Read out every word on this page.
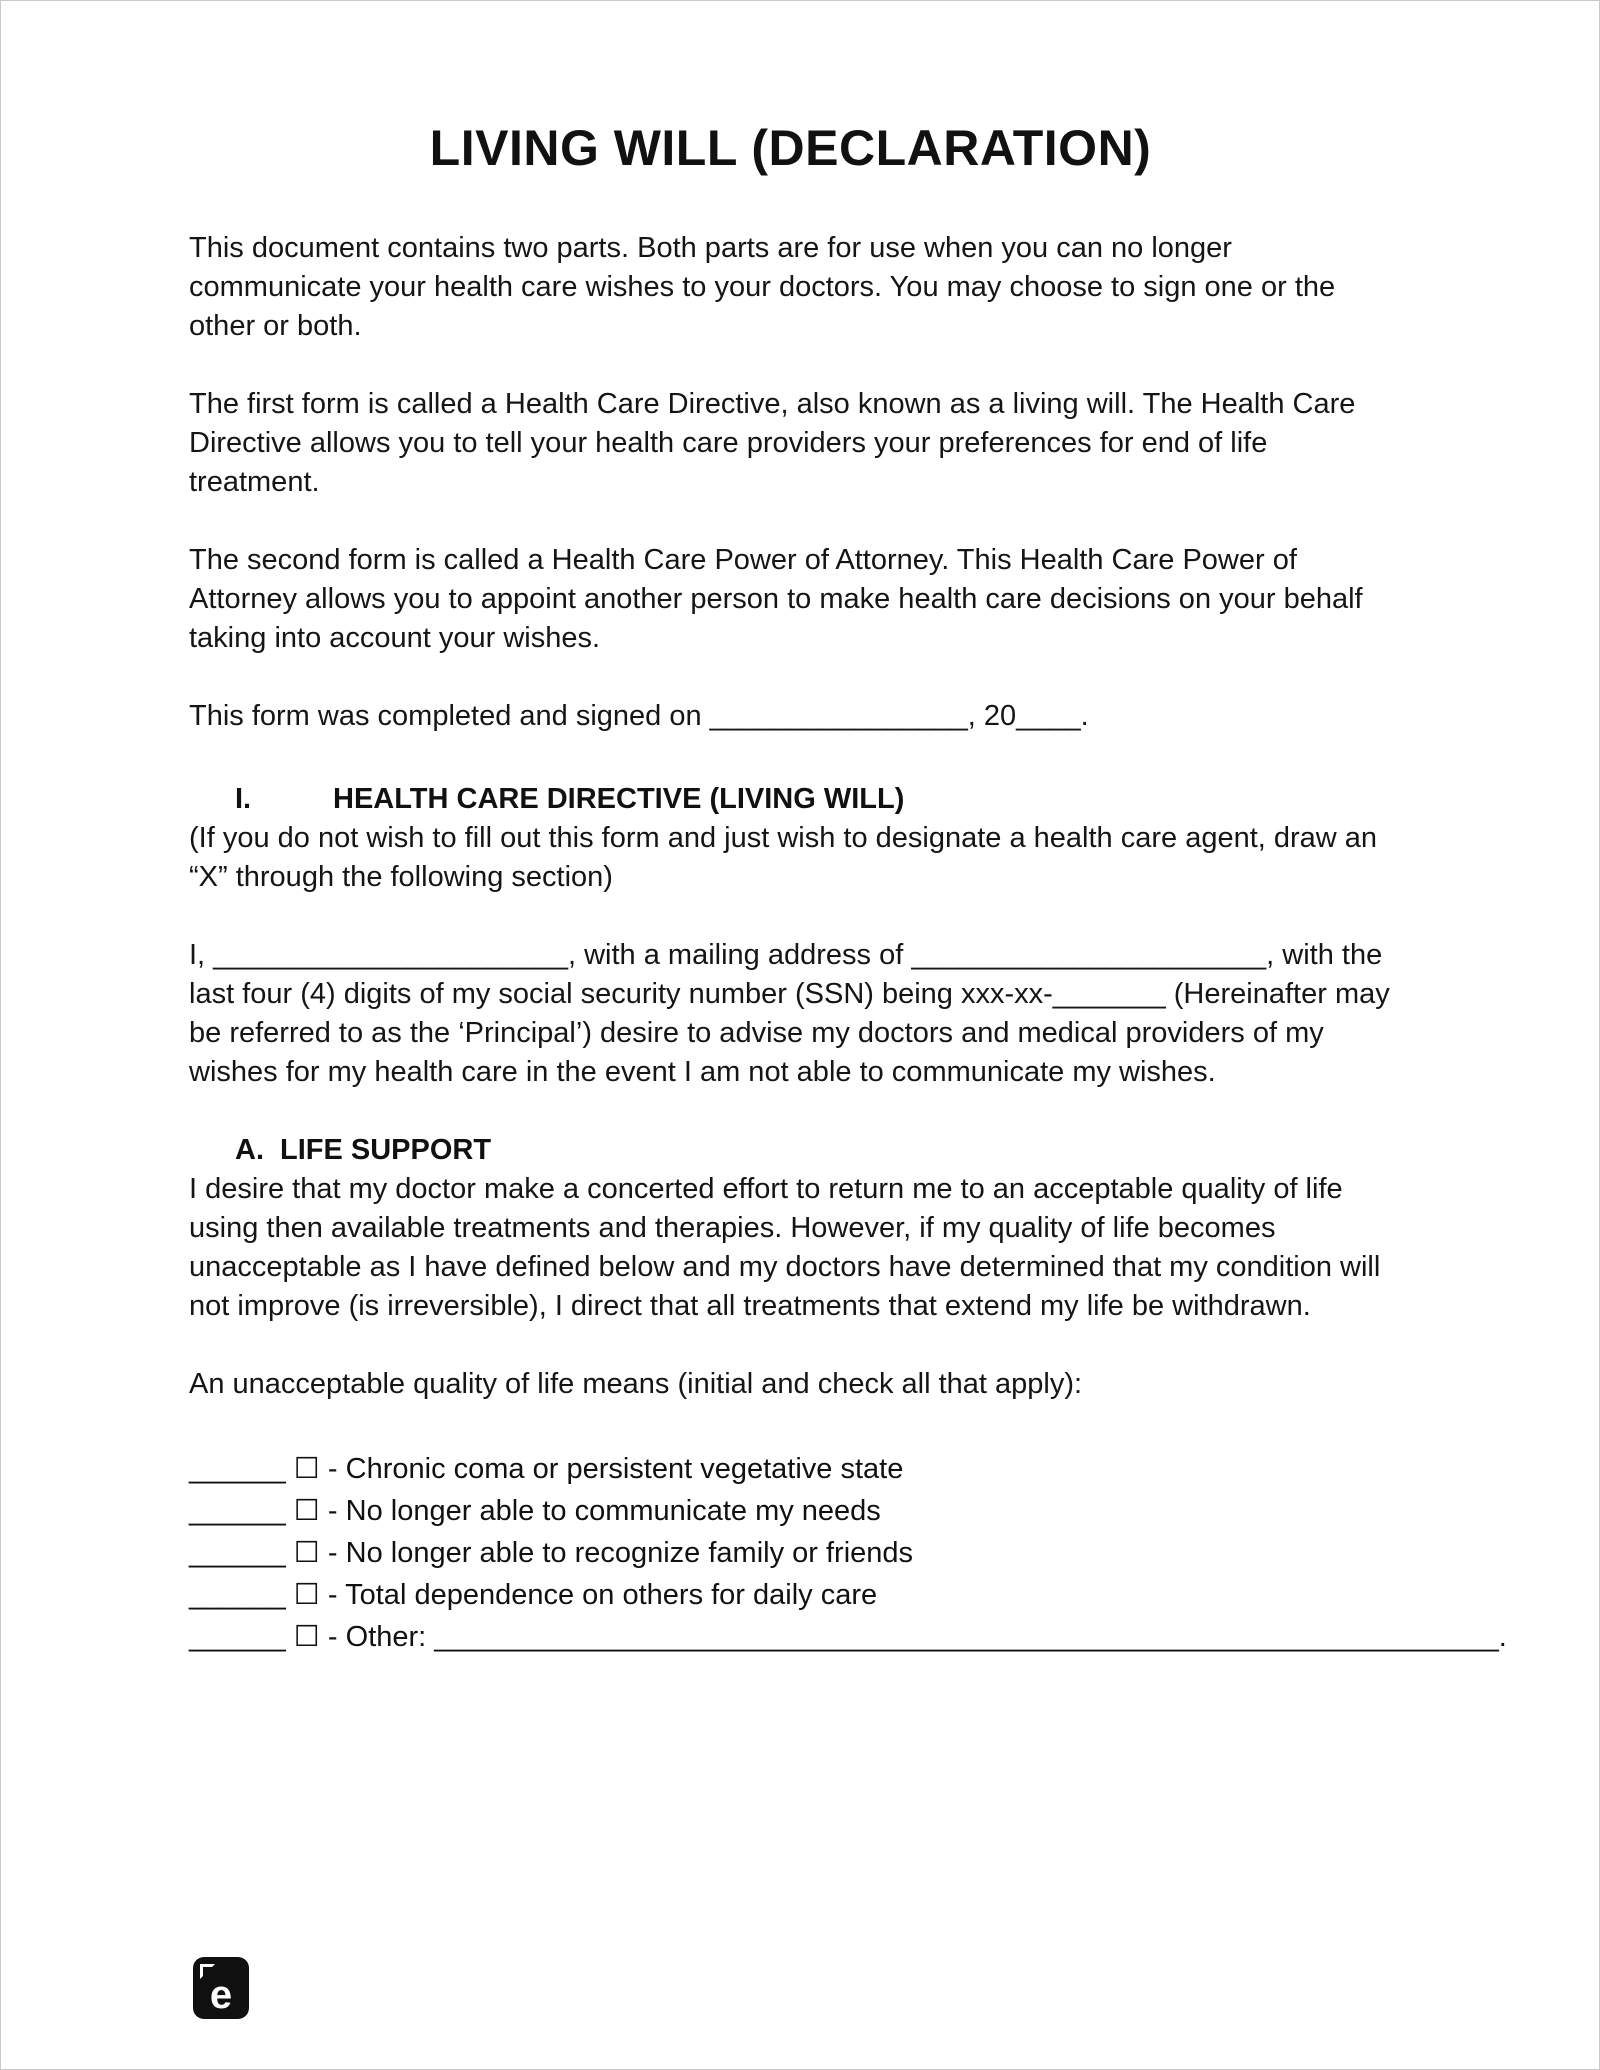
LIVING WILL (DECLARATION)

This document contains two parts. Both parts are for use when you can no longer communicate your health care wishes to your doctors. You may choose to sign one or the other or both.

The first form is called a Health Care Directive, also known as a living will. The Health Care Directive allows you to tell your health care providers your preferences for end of life treatment.

The second form is called a Health Care Power of Attorney. This Health Care Power of Attorney allows you to appoint another person to make health care decisions on your behalf taking into account your wishes.

This form was completed and signed on ________________, 20____.

I.	HEALTH CARE DIRECTIVE (LIVING WILL)

(If you do not wish to fill out this form and just wish to designate a health care agent, draw an “X” through the following section)

I, ______________________, with a mailing address of ______________________, with the last four (4) digits of my social security number (SSN) being xxx-xx-_______ (Hereinafter may be referred to as the ‘Principal’) desire to advise my doctors and medical providers of my wishes for my health care in the event I am not able to communicate my wishes.

A. LIFE SUPPORT

I desire that my doctor make a concerted effort to return me to an acceptable quality of life using then available treatments and therapies. However, if my quality of life becomes unacceptable as I have defined below and my doctors have determined that my condition will not improve (is irreversible), I direct that all treatments that extend my life be withdrawn.

An unacceptable quality of life means (initial and check all that apply):

______ ☐ - Chronic coma or persistent vegetative state
______ ☐ - No longer able to communicate my needs
______ ☐ - No longer able to recognize family or friends
______ ☐ - Total dependence on others for daily care
______ ☐ - Other: __________________________________________________________________.
e
